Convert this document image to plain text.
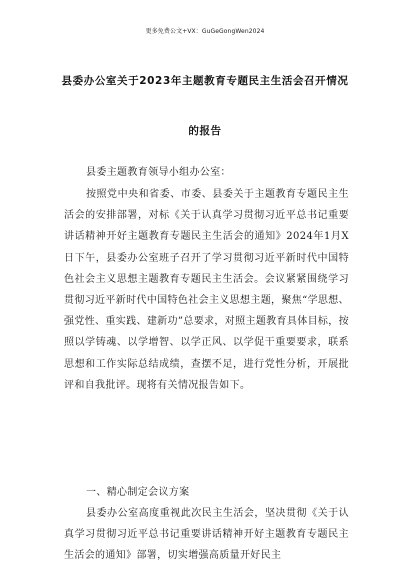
更多免费公文+VX：GuGeGongWen2024
县委办公室关于2023年主题教育专题民主生活会召开情况
的报告
县委主题教育领导小组办公室：

按照党中央和省委、市委、县委关于主题教育专题民主生活会的安排部署，对标《关于认真学习贯彻习近平总书记重要讲话精神开好主题教育专题民主生活会的通知》2024年1月X日下午，县委办公室班子召开了学习贯彻习近平新时代中国特色社会主义思想主题教育专题民主生活会。会议紧紧围绕学习贯彻习近平新时代中国特色社会主义思想主题，聚焦“学思想、强党性、重实践、建新功”总要求，对照主题教育具体目标，按照以学铸魂、以学增智、以学正风、以学促干重要要求，联系思想和工作实际总结成绩，查摆不足，进行党性分析，开展批评和自我批评。现将有关情况报告如下。

一、精心制定会议方案

县委办公室高度重视此次民主生活会，坚决贯彻《关于认真学习贯彻习近平总书记重要讲话精神开好主题教育专题民主生活会的通知》部署，切实增强高质量开好民主
